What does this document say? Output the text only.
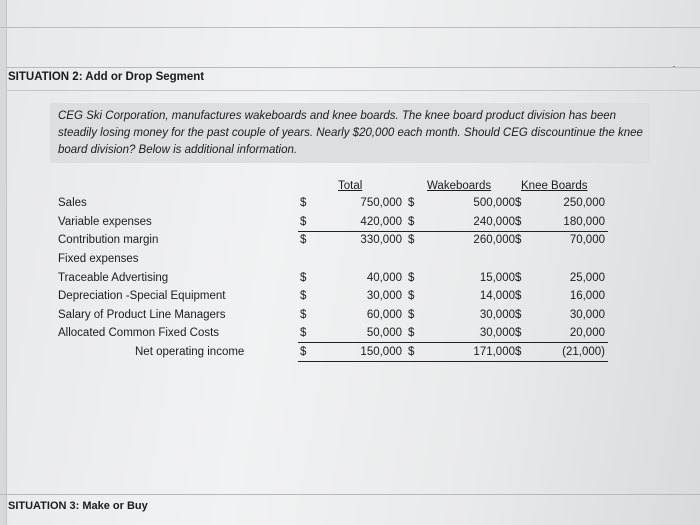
SITUATION 2: Add or Drop Segment
CEG Ski Corporation, manufactures wakeboards and knee boards. The knee board product division has been steadily losing money for the past couple of years. Nearly $20,000 each month. Should CEG discountinue the knee board division? Below is additional information.
Total	Wakeboards	Knee Boards
Sales	$	750,000 $	500,000 $	250,000
Variable expenses	$	420,000 $	240,000 $	180,000
Contribution margin	$	330,000 $	260,000 $	70,000
Fixed expenses
Traceable Advertising	$	40,000 $	15,000 $	25,000
Depreciation -Special Equipment	$	30,000 $	14,000 $	16,000
Salary of Product Line Managers	$	60,000 $	30,000 $	30,000
Allocated Common Fixed Costs	$	50,000 $	30,000 $	20,000
Net operating income	$	150,000 $	171,000 $	(21,000)
SITUATION 3: Make or Buy
